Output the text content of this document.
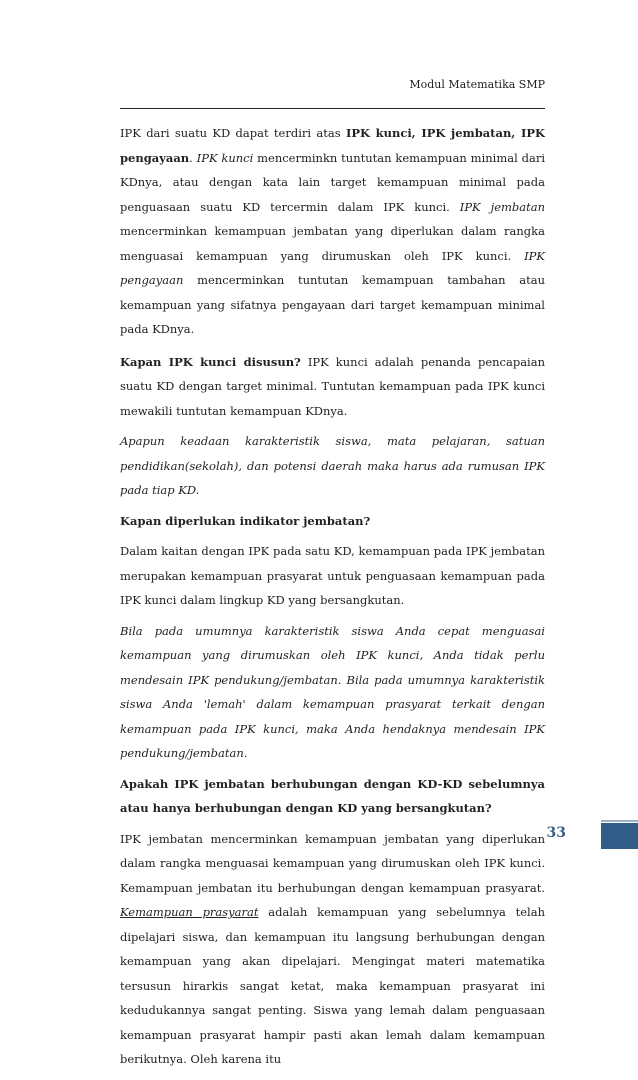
Modul Matematika SMP

IPK dari suatu KD dapat terdiri atas IPK kunci, IPK jembatan, IPK pengayaan. IPK kunci mencerminkn tuntutan kemampuan minimal dari KDnya, atau dengan kata lain target kemampuan minimal pada penguasaan suatu KD tercermin dalam IPK kunci. IPK jembatan mencerminkan kemampuan jembatan yang diperlukan dalam rangka menguasai kemampuan yang dirumuskan oleh IPK kunci. IPK pengayaan mencerminkan tuntutan kemampuan tambahan atau kemampuan yang sifatnya pengayaan dari target kemampuan minimal pada KDnya.

Kapan IPK kunci disusun? IPK kunci adalah penanda pencapaian suatu KD dengan target minimal. Tuntutan kemampuan pada IPK kunci mewakili tuntutan kemampuan KDnya.

Apapun keadaan karakteristik siswa, mata pelajaran, satuan pendidikan(sekolah), dan potensi daerah maka harus ada rumusan IPK pada tiap KD.

Kapan diperlukan indikator jembatan?

Dalam kaitan dengan IPK pada satu KD, kemampuan pada IPK jembatan merupakan kemampuan prasyarat untuk penguasaan kemampuan pada IPK kunci dalam lingkup KD yang bersangkutan.

Bila pada umumnya karakteristik siswa Anda cepat menguasai kemampuan yang dirumuskan oleh IPK kunci, Anda tidak perlu mendesain IPK pendukung/jembatan. Bila pada umumnya karakteristik siswa Anda 'lemah' dalam kemampuan prasyarat terkait dengan kemampuan pada IPK kunci, maka Anda hendaknya mendesain IPK pendukung/jembatan.

Apakah IPK jembatan berhubungan dengan KD-KD sebelumnya atau hanya berhubungan dengan KD yang bersangkutan?

IPK jembatan mencerminkan kemampuan jembatan yang diperlukan dalam rangka menguasai kemampuan yang dirumuskan oleh IPK kunci. Kemampuan jembatan itu berhubungan dengan kemampuan prasyarat. Kemampuan prasyarat adalah kemampuan yang sebelumnya telah dipelajari siswa, dan kemampuan itu langsung berhubungan dengan kemampuan yang akan dipelajari. Mengingat materi matematika tersusun hirarkis sangat ketat, maka kemampuan prasyarat ini kedudukannya sangat penting. Siswa yang lemah dalam penguasaan kemampuan prasyarat hampir pasti akan lemah dalam kemampuan berikutnya. Oleh karena itu

33
